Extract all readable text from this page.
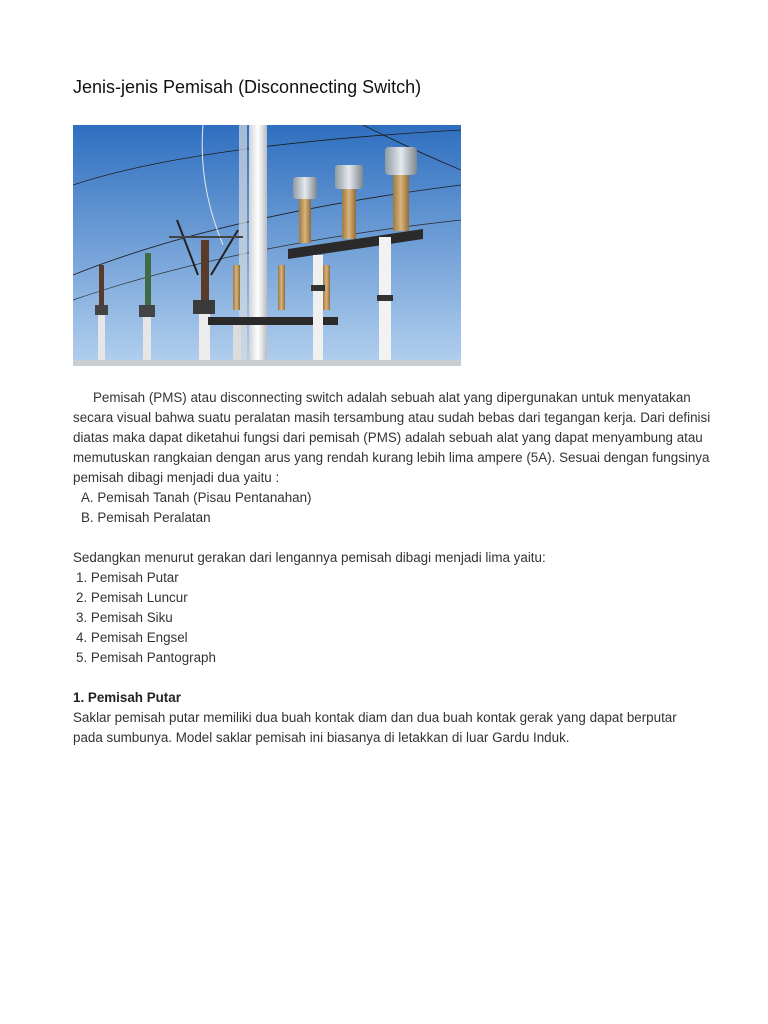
Jenis-jenis Pemisah (Disconnecting Switch)
Pemisah (PMS) atau disconnecting switch adalah sebuah alat yang dipergunakan untuk menyatakan
secara visual bahwa suatu peralatan masih tersambung atau sudah bebas dari tegangan kerja. Dari definisi
diatas maka dapat diketahui fungsi dari pemisah (PMS) adalah sebuah alat yang dapat menyambung atau
memutuskan rangkaian dengan arus yang rendah kurang lebih lima ampere (5A). Sesuai dengan fungsinya
pemisah dibagi menjadi dua yaitu :
A. Pemisah Tanah (Pisau Pentanahan)
B. Pemisah Peralatan
Sedangkan menurut gerakan dari lengannya pemisah dibagi menjadi lima yaitu:
1. Pemisah Putar
2. Pemisah Luncur
3. Pemisah Siku
4. Pemisah Engsel
5. Pemisah Pantograph
1. Pemisah Putar
Saklar pemisah putar memiliki dua buah kontak diam dan dua buah kontak gerak yang dapat berputar
pada sumbunya. Model saklar pemisah ini biasanya di letakkan di luar Gardu Induk.
